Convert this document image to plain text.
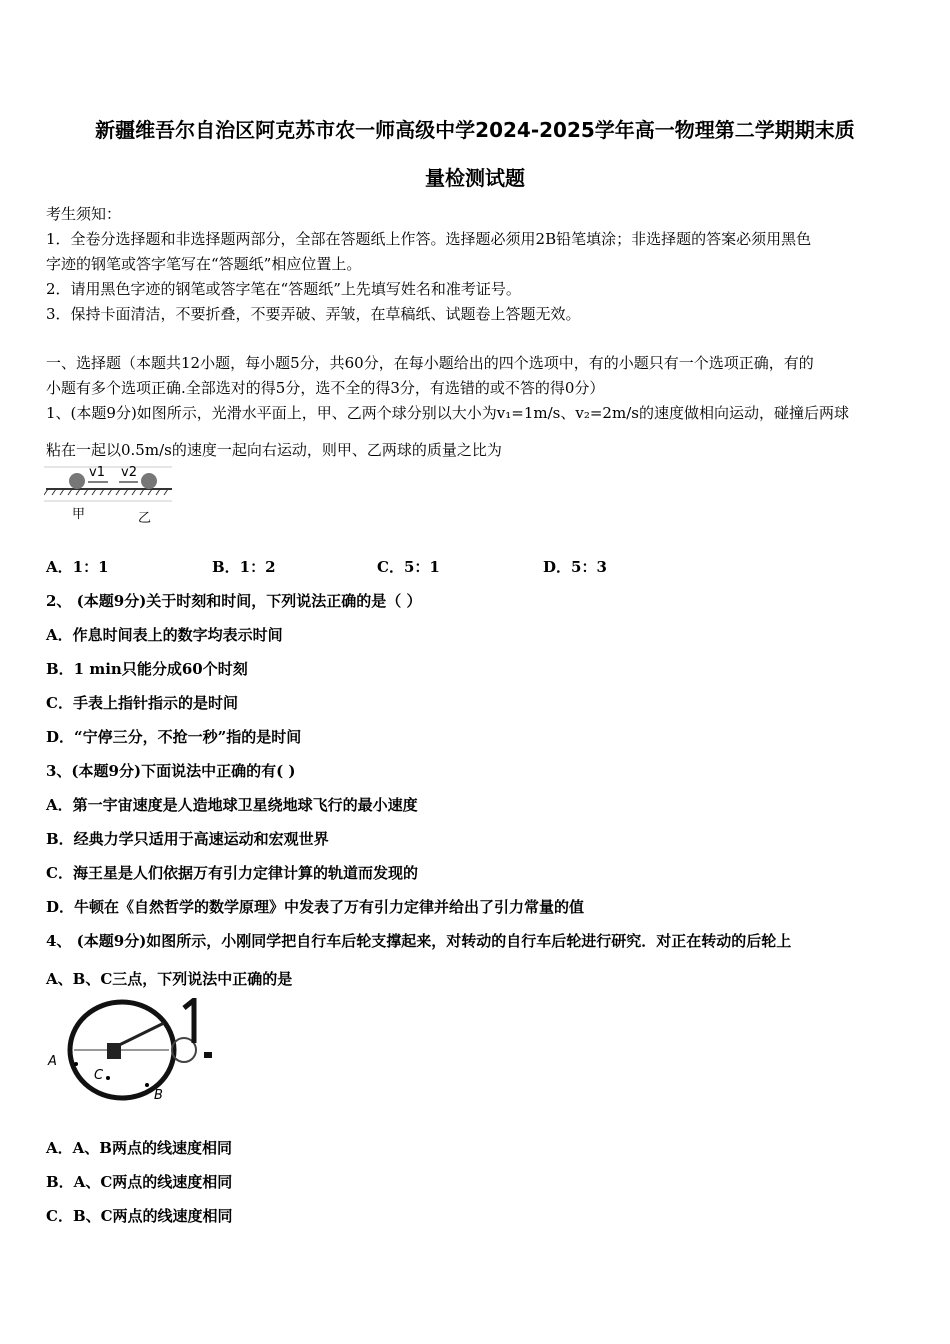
新疆维吾尔自治区阿克苏市农一师高级中学2024-2025学年高一物理第二学期期末质
量检测试题
考生须知：
1．全卷分选择题和非选择题两部分，全部在答题纸上作答。选择题必须用2B铅笔填涂；非选择题的答案必须用黑色
字迹的钢笔或答字笔写在“答题纸”相应位置上。
2．请用黑色字迹的钢笔或答字笔在“答题纸”上先填写姓名和准考证号。
3．保持卡面清洁，不要折叠，不要弄破、弄皱，在草稿纸、试题卷上答题无效。
一、选择题（本题共12小题，每小题5分，共60分，在每小题给出的四个选项中，有的小题只有一个选项正确，有的
小题有多个选项正确.全部选对的得5分，选不全的得3分，有选错的或不答的得0分）
1、(本题9分)如图所示，光滑水平面上，甲、乙两个球分别以大小为v₁=1m/s、v₂=2m/s的速度做相向运动，碰撞后两球
粘在一起以0.5m/s的速度一起向右运动，则甲、乙两球的质量之比为
v1 v2
甲	乙
A．1：1	B．1：2	C．5：1	D．5：3
2、 (本题9分)关于时刻和时间，下列说法正确的是（ ）
A．作息时间表上的数字均表示时间
B．1 min只能分成60个时刻
C．手表上指针指示的是时间
D．“宁停三分，不抢一秒”指的是时间
3、(本题9分)下面说法中正确的有( )
A．第一宇宙速度是人造地球卫星绕地球飞行的最小速度
B．经典力学只适用于高速运动和宏观世界
C．海王星是人们依据万有引力定律计算的轨道而发现的
D．牛顿在《自然哲学的数学原理》中发表了万有引力定律并给出了引力常量的值
4、 (本题9分)如图所示，小刚同学把自行车后轮支撑起来，对转动的自行车后轮进行研究．对正在转动的后轮上
A、B、C三点，下列说法中正确的是
A
B
C
A．A、B两点的线速度相同
B．A、C两点的线速度相同
C．B、C两点的线速度相同
